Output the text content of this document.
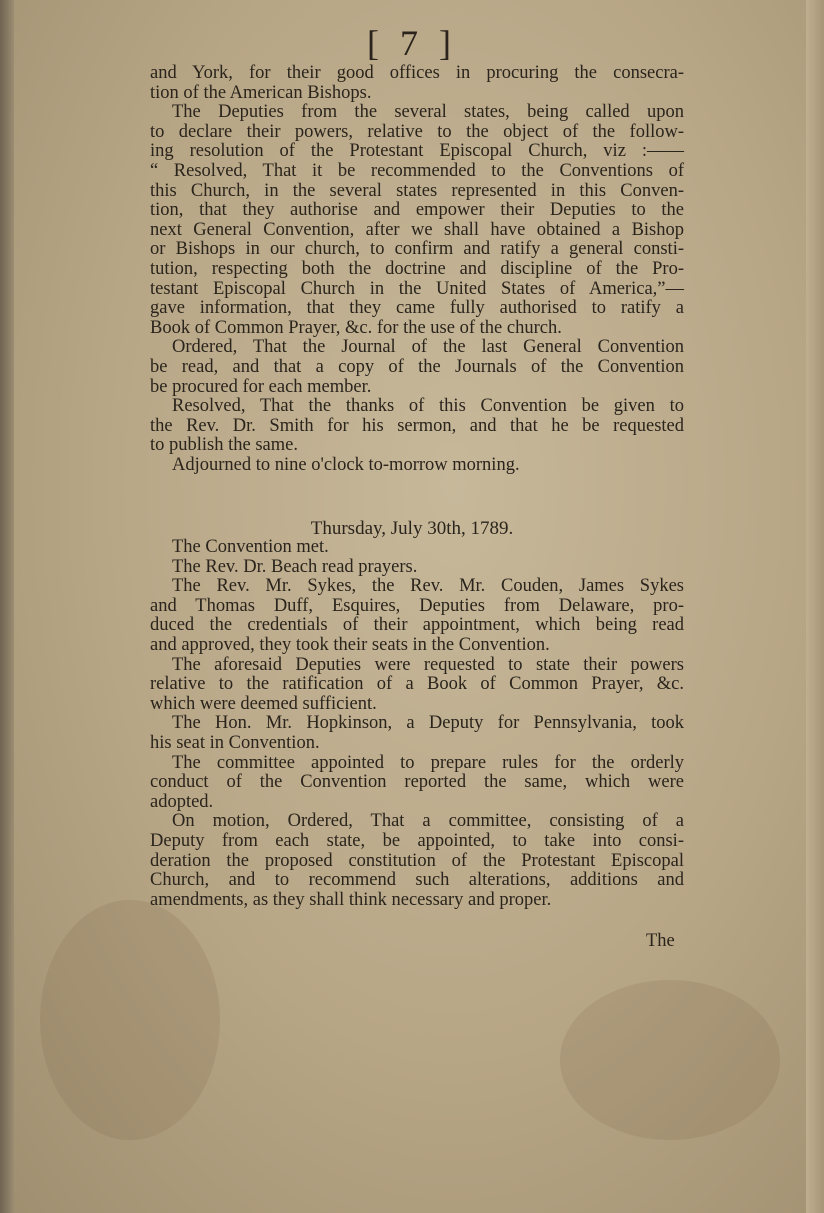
[ 7 ]
and York, for their good offices in procuring the consecra-
tion of the American Bishops.
The Deputies from the several states, being called upon
to declare their powers, relative to the object of the follow-
ing resolution of the Protestant Episcopal Church, viz :——
“ Resolved, That it be recommended to the Conventions of
this Church, in the several states represented in this Conven-
tion, that they authorise and empower their Deputies to the
next General Convention, after we shall have obtained a Bishop
or Bishops in our church, to confirm and ratify a general consti-
tution, respecting both the doctrine and discipline of the Pro-
testant Episcopal Church in the United States of America,”—
gave information, that they came fully authorised to ratify a
Book of Common Prayer, &c. for the use of the church.
Ordered, That the Journal of the last General Convention
be read, and that a copy of the Journals of the Convention
be procured for each member.
Resolved, That the thanks of this Convention be given to
the Rev. Dr. Smith for his sermon, and that he be requested
to publish the same.
Adjourned to nine o'clock to-morrow morning.
Thursday, July 30th, 1789.
The Convention met.
The Rev. Dr. Beach read prayers.
The Rev. Mr. Sykes, the Rev. Mr. Couden, James Sykes
and Thomas Duff, Esquires, Deputies from Delaware, pro-
duced the credentials of their appointment, which being read
and approved, they took their seats in the Convention.
The aforesaid Deputies were requested to state their powers
relative to the ratification of a Book of Common Prayer, &c.
which were deemed sufficient.
The Hon. Mr. Hopkinson, a Deputy for Pennsylvania, took
his seat in Convention.
The committee appointed to prepare rules for the orderly
conduct of the Convention reported the same, which were
adopted.
On motion, Ordered, That a committee, consisting of a
Deputy from each state, be appointed, to take into consi-
deration the proposed constitution of the Protestant Episcopal
Church, and to recommend such alterations, additions and
amendments, as they shall think necessary and proper.
The
